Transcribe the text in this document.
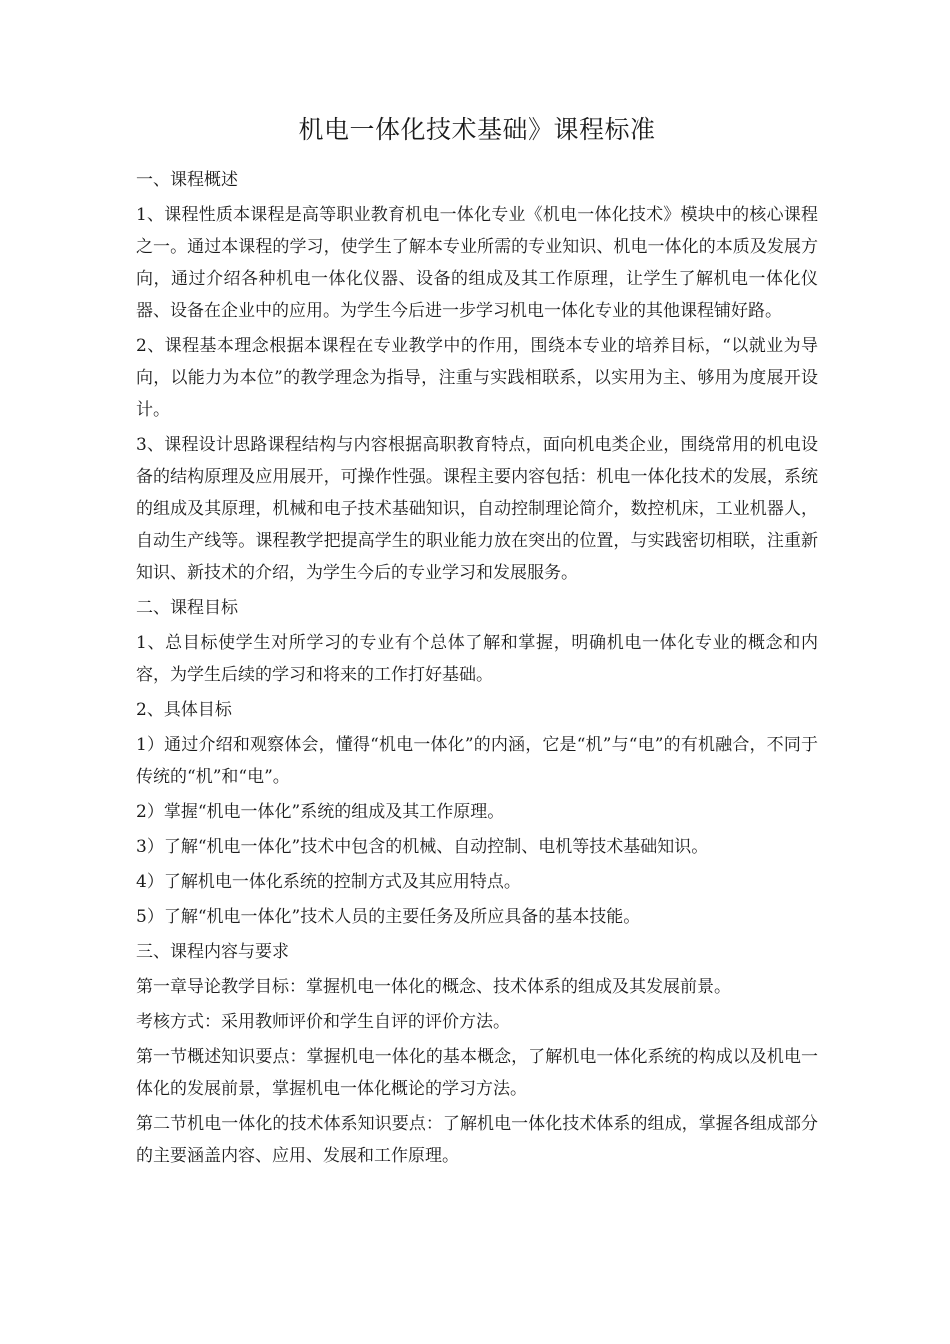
机电一体化技术基础》课程标准

一、课程概述

1、课程性质本课程是高等职业教育机电一体化专业《机电一体化技术》模块中的核心课程之一。通过本课程的学习，使学生了解本专业所需的专业知识、机电一体化的本质及发展方向，通过介绍各种机电一体化仪器、设备的组成及其工作原理，让学生了解机电一体化仪器、设备在企业中的应用。为学生今后进一步学习机电一体化专业的其他课程铺好路。

2、课程基本理念根据本课程在专业教学中的作用，围绕本专业的培养目标，“以就业为导向，以能力为本位”的教学理念为指导，注重与实践相联系，以实用为主、够用为度展开设计。

3、课程设计思路课程结构与内容根据高职教育特点，面向机电类企业，围绕常用的机电设备的结构原理及应用展开，可操作性强。课程主要内容包括：机电一体化技术的发展，系统的组成及其原理，机械和电子技术基础知识，自动控制理论简介，数控机床，工业机器人，自动生产线等。课程教学把提高学生的职业能力放在突出的位置，与实践密切相联，注重新知识、新技术的介绍，为学生今后的专业学习和发展服务。

二、课程目标

1、总目标使学生对所学习的专业有个总体了解和掌握，明确机电一体化专业的概念和内容，为学生后续的学习和将来的工作打好基础。

2、具体目标

1）通过介绍和观察体会，懂得“机电一体化”的内涵，它是“机”与“电”的有机融合，不同于传统的“机”和“电”。

2）掌握“机电一体化”系统的组成及其工作原理。

3）了解“机电一体化”技术中包含的机械、自动控制、电机等技术基础知识。

4）了解机电一体化系统的控制方式及其应用特点。

5）了解“机电一体化”技术人员的主要任务及所应具备的基本技能。

三、课程内容与要求

第一章导论教学目标：掌握机电一体化的概念、技术体系的组成及其发展前景。

考核方式：采用教师评价和学生自评的评价方法。

第一节概述知识要点：掌握机电一体化的基本概念，了解机电一体化系统的构成以及机电一体化的发展前景，掌握机电一体化概论的学习方法。

第二节机电一体化的技术体系知识要点：了解机电一体化技术体系的组成，掌握各组成部分的主要涵盖内容、应用、发展和工作原理。
